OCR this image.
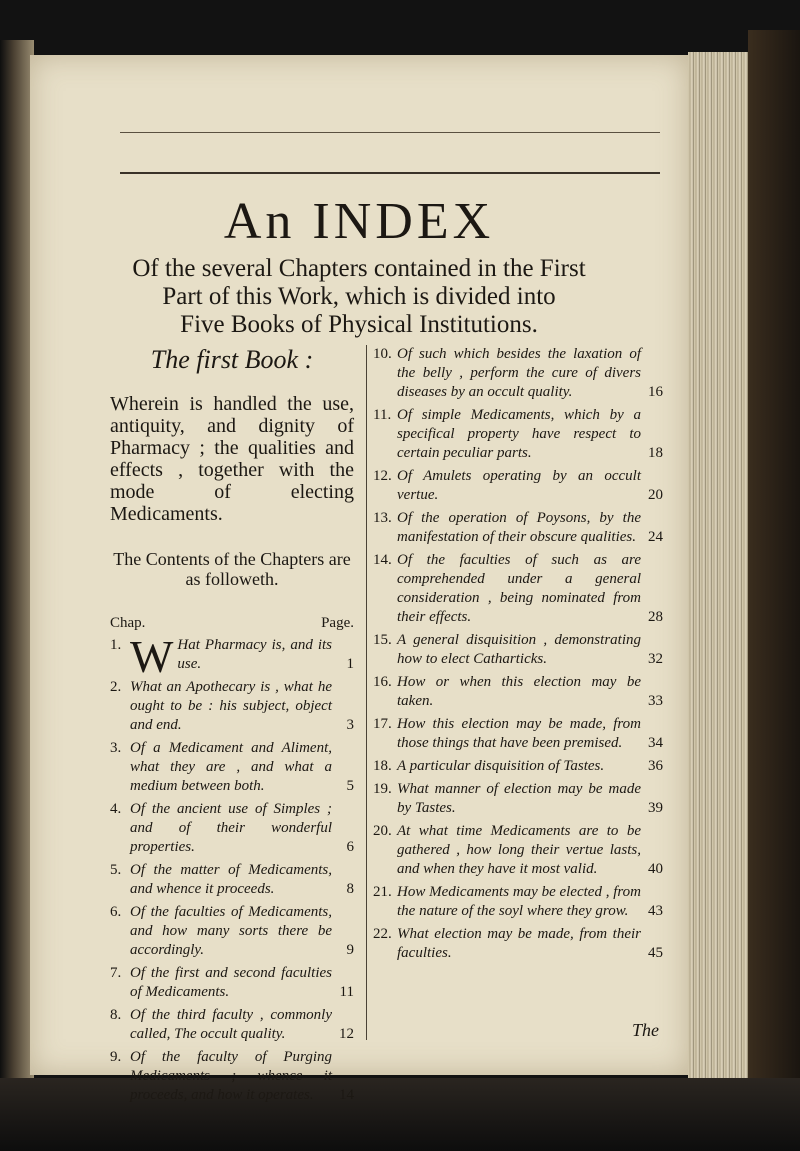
An INDEX
Of the several Chapters contained in the First
Part of this Work, which is divided into
Five Books of Physical Institutions.
The first Book :
Wherein is handled the use, antiquity, and dignity of Pharmacy ; the qualities and effects , together with the mode of electing Medicaments.
The Contents of the Chapters are as followeth.
Chap.	Page.
1. W Hat Pharmacy is, and its use.	1
2. What an Apothecary is , what he ought to be : his subject, object and end.	3
3. Of a Medicament and Aliment, what they are , and what a medium between both.	5
4. Of the ancient use of Simples ; and of their wonderful properties.	6
5. Of the matter of Medicaments, and whence it proceeds.	8
6. Of the faculties of Medicaments, and how many sorts there be accordingly.	9
7. Of the first and second faculties of Medicaments.	11
8. Of the third faculty , commonly called, The occult quality.	12
9. Of the faculty of Purging Medicaments ; whence it proceeds, and how it operates. 14
10. Of such which besides the laxation of the belly , perform the cure of divers diseases by an occult quality.	16
11. Of simple Medicaments, which by a specifical property have respect to certain peculiar parts.	18
12. Of Amulets operating by an occult vertue.	20
13. Of the operation of Poysons, by the manifestation of their obscure qualities. 24
14. Of the faculties of such as are comprehended under a general consideration , being nominated from their effects.	28
15. A general disquisition , demonstrating how to elect Catharticks.	32
16. How or when this election may be taken.	33
17. How this election may be made, from those things that have been premised. 34
18. A particular disquisition of Tastes.	36
19. What manner of election may be made by Tastes.	39
20. At what time Medicaments are to be gathered , how long their vertue lasts, and when they have it most valid.	40
21. How Medicaments may be elected , from the nature of the soyl where they grow. 43
22. What election may be made, from their faculties.	45
The
